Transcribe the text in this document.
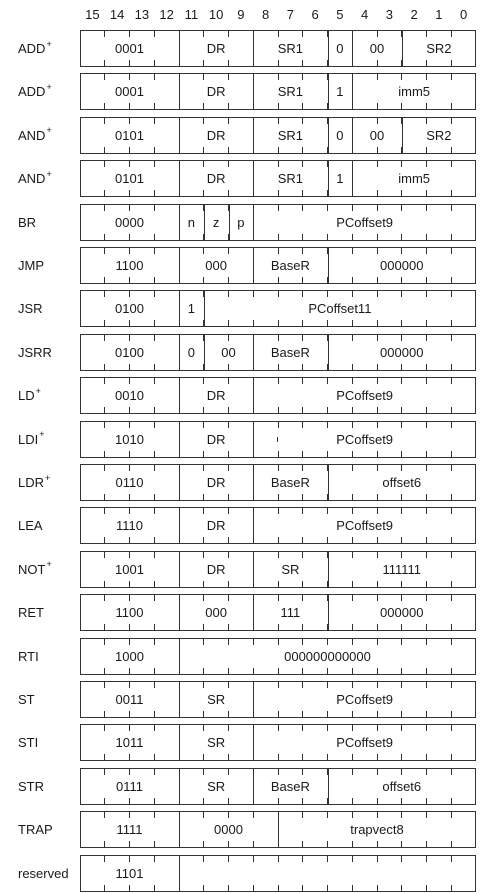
15 14 13 12 11 10	9	8	7	6	5	4	3	2	1	0
ADD+	0001	DR	SR1	0	00	SR2
ADD+	0001	DR	SR1	1	imm5
AND+	0101	DR	SR1	0	00	SR2
AND+	0101	DR	SR1	1	imm5
BR	0000	n	z	p	PCoffset9
JMP	1100	000	BaseR	000000
JSR	0100	1	PCoffset11
JSRR	0100	0	00	BaseR	000000
LD+	0010	DR	PCoffset9
LDI+	1010	DR	PCoffset9
LDR+	0110	DR	BaseR	offset6
LEA	1110	DR	PCoffset9
NOT+	1001	DR	SR	111111
RET	1100	000	111	000000
RTI	1000	000000000000
ST	0011	SR	PCoffset9
STI	1011	SR	PCoffset9
STR	0111	SR	BaseR	offset6
TRAP	1111	0000	trapvect8
reserved	1101
